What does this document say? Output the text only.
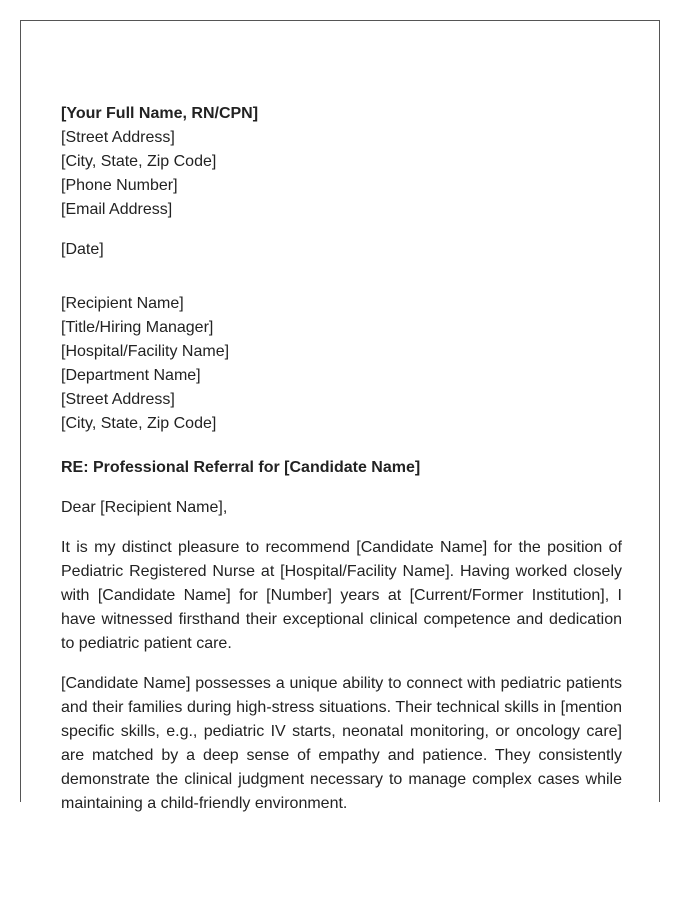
[Your Full Name, RN/CPN]
[Street Address]
[City, State, Zip Code]
[Phone Number]
[Email Address]
[Date]
[Recipient Name]
[Title/Hiring Manager]
[Hospital/Facility Name]
[Department Name]
[Street Address]
[City, State, Zip Code]
RE: Professional Referral for [Candidate Name]
Dear [Recipient Name],

It is my distinct pleasure to recommend [Candidate Name] for the position of Pediatric Registered Nurse at [Hospital/Facility Name]. Having worked closely with [Candidate Name] for [Number] years at [Current/Former Institution], I have witnessed firsthand their exceptional clinical competence and dedication to pediatric patient care.

[Candidate Name] possesses a unique ability to connect with pediatric patients and their families during high-stress situations. Their technical skills in [mention specific skills, e.g., pediatric IV starts, neonatal monitoring, or oncology care] are matched by a deep sense of empathy and patience. They consistently demonstrate the clinical judgment necessary to manage complex cases while maintaining a child-friendly environment.
